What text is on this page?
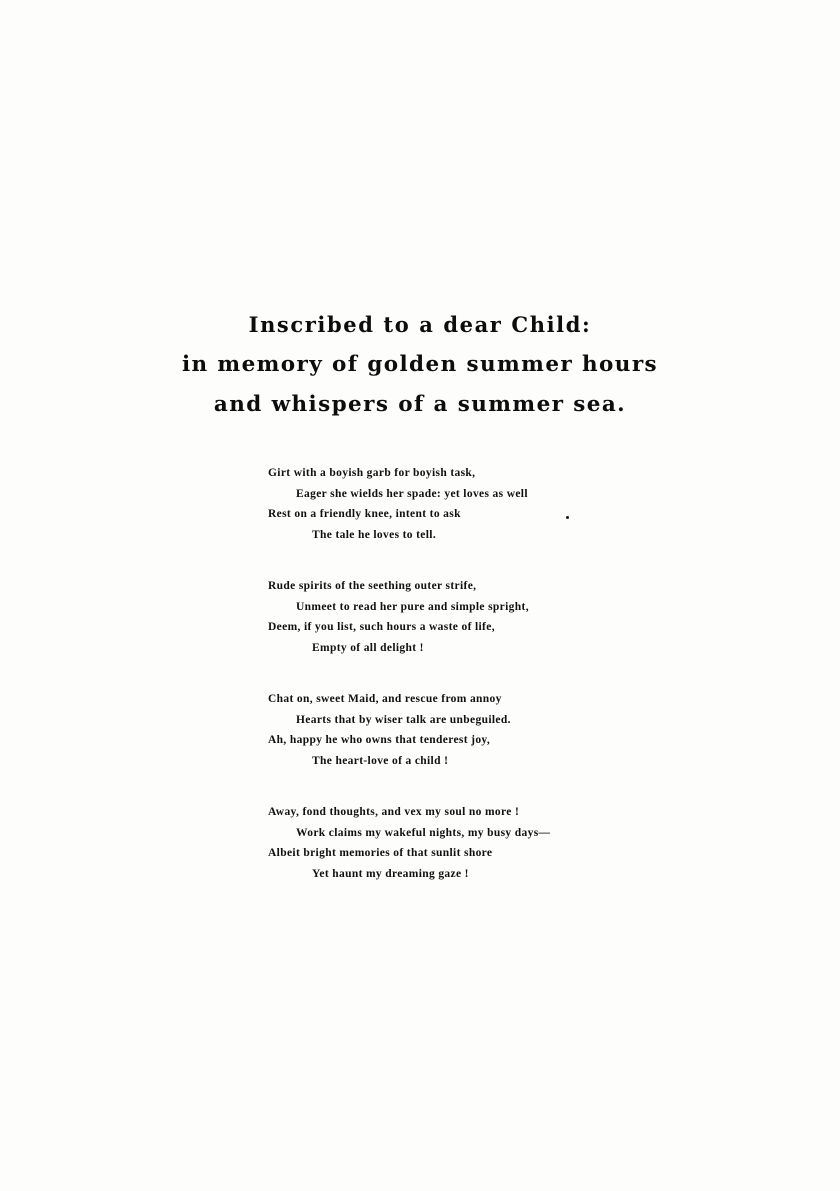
Inscribed to a dear Child:
in memory of golden summer hours
and whispers of a summer sea.
Girt with a boyish garb for boyish task,
Eager she wields her spade: yet loves as well
Rest on a friendly knee, intent to ask
The tale he loves to tell.
Rude spirits of the seething outer strife,
Unmeet to read her pure and simple spright,
Deem, if you list, such hours a waste of life,
Empty of all delight !
Chat on, sweet Maid, and rescue from annoy
Hearts that by wiser talk are unbeguiled.
Ah, happy he who owns that tenderest joy,
The heart-love of a child !
Away, fond thoughts, and vex my soul no more !
Work claims my wakeful nights, my busy days—
Albeit bright memories of that sunlit shore
Yet haunt my dreaming gaze !
